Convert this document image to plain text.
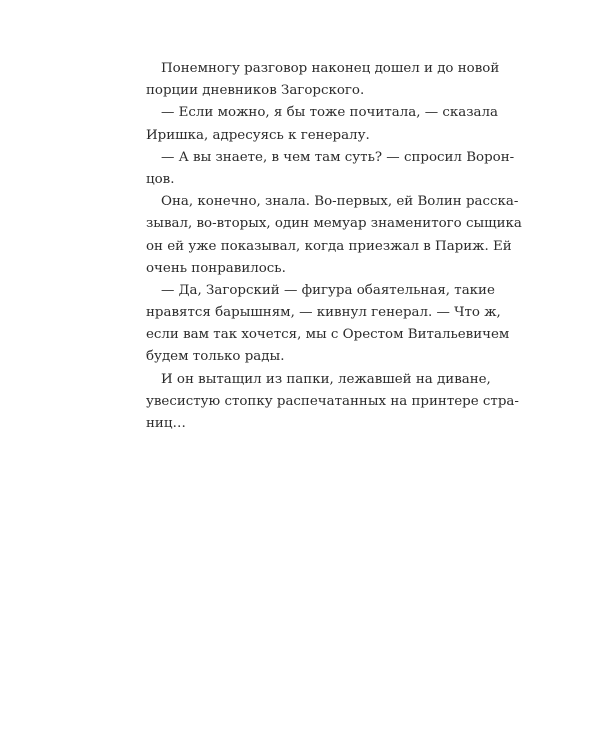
Понемногу разговор наконец дошел и до новой
порции дневников Загорского.
— Если можно, я бы тоже почитала, — сказала
Иришка, адресуясь к генералу.
— А вы знаете, в чем там суть? — спросил Ворон-
цов.
Она, конечно, знала. Во-первых, ей Волин расска-
зывал, во-вторых, один мемуар знаменитого сыщика
он ей уже показывал, когда приезжал в Париж. Ей
очень понравилось.
— Да, Загорский — фигура обаятельная, такие
нравятся барышням, — кивнул генерал. — Что ж,
если вам так хочется, мы с Орестом Витальевичем
будем только рады.
И он вытащил из папки, лежавшей на диване,
увесистую стопку распечатанных на принтере стра-
ниц…
